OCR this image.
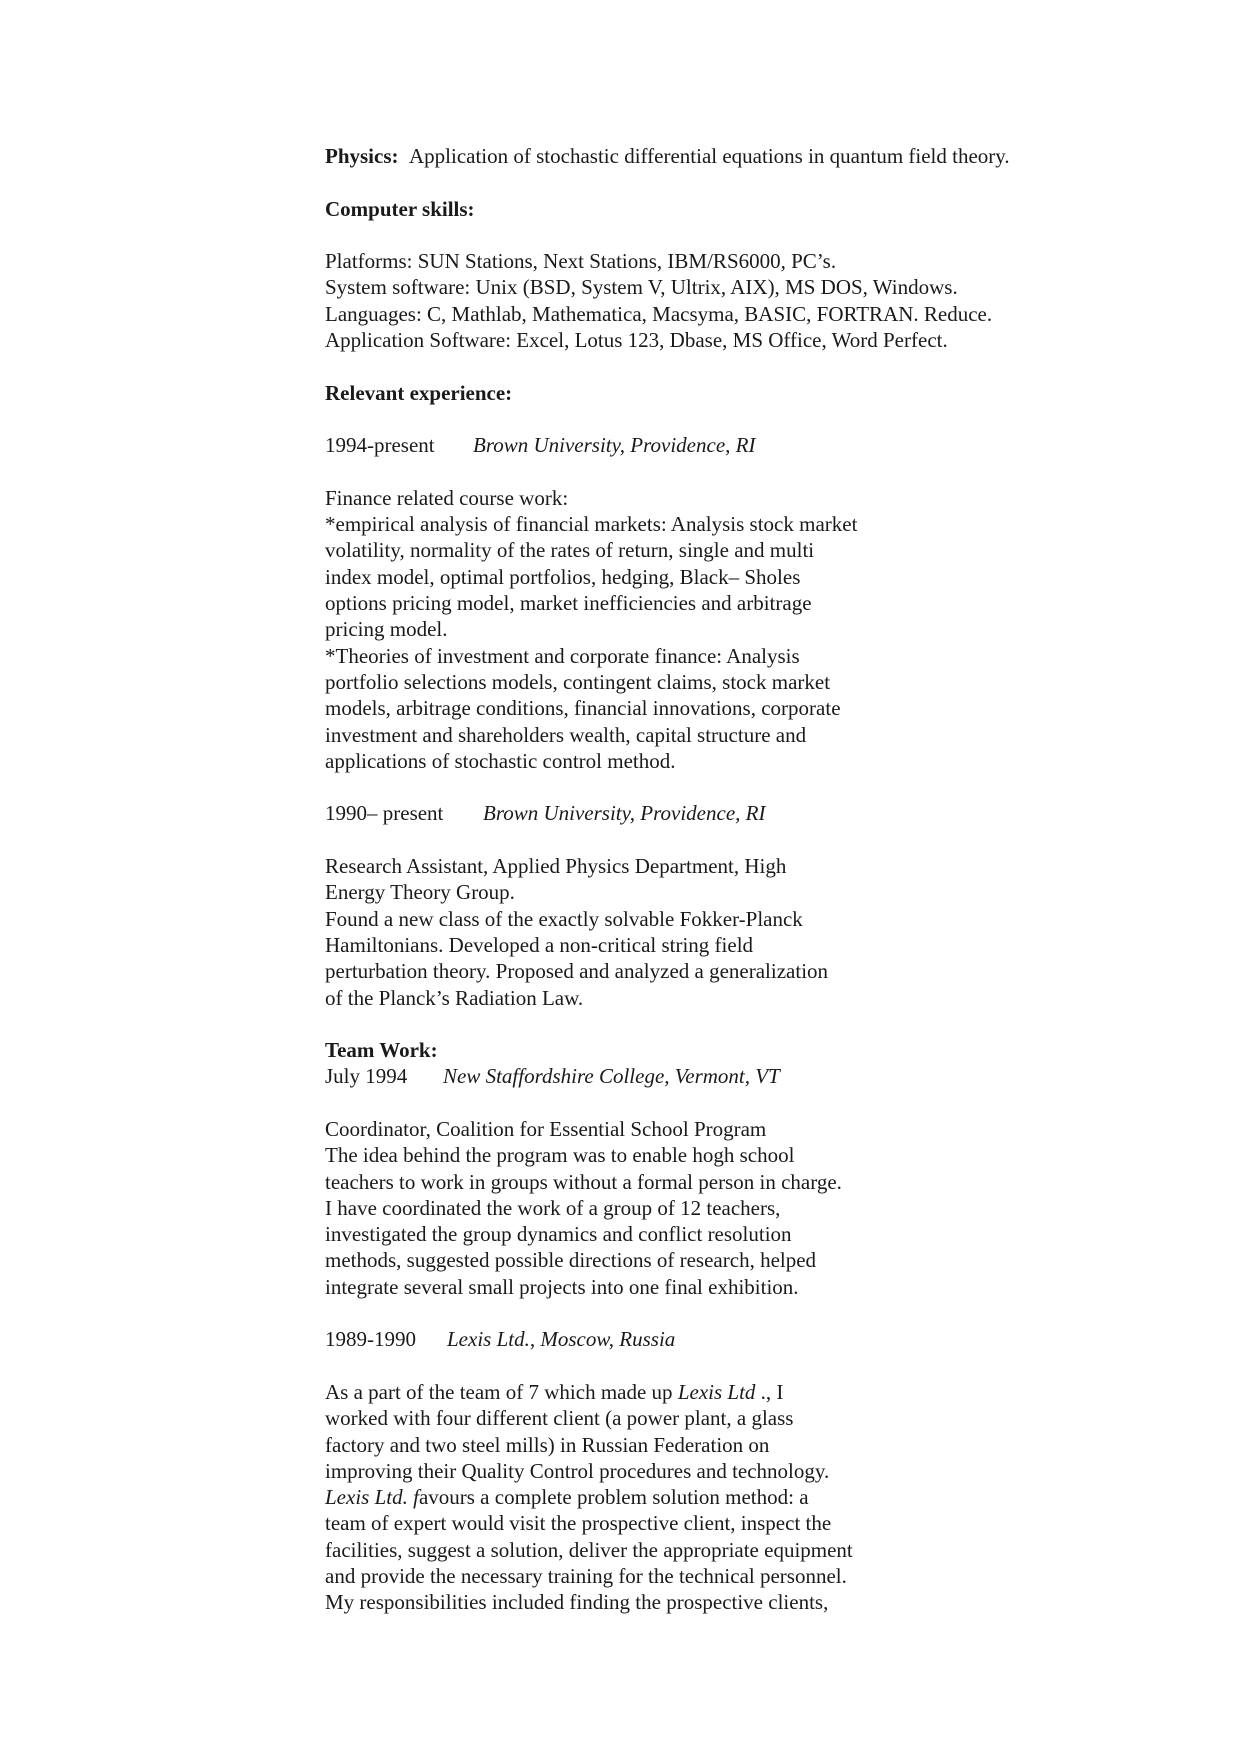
Physics: Application of stochastic differential equations in quantum field theory.
Computer skills:
Platforms: SUN Stations, Next Stations, IBM/RS6000, PC’s.
System software: Unix (BSD, System V, Ultrix, AIX), MS DOS, Windows.
Languages: C, Mathlab, Mathematica, Macsyma, BASIC, FORTRAN. Reduce.
Application Software: Excel, Lotus 123, Dbase, MS Office, Word Perfect.
Relevant experience:
1994-present Brown University, Providence, RI
Finance related course work:
*empirical analysis of financial markets: Analysis stock market
volatility, normality of the rates of return, single and multi
index model, optimal portfolios, hedging, Black– Sholes
options pricing model, market inefficiencies and arbitrage
pricing model.
*Theories of investment and corporate finance: Analysis
portfolio selections models, contingent claims, stock market
models, arbitrage conditions, financial innovations, corporate
investment and shareholders wealth, capital structure and
applications of stochastic control method.
1990– present Brown University, Providence, RI
Research Assistant, Applied Physics Department, High
Energy Theory Group.
Found a new class of the exactly solvable Fokker-Planck
Hamiltonians. Developed a non-critical string field
perturbation theory. Proposed and analyzed a generalization
of the Planck’s Radiation Law.
Team Work:
July 1994 New Staffordshire College, Vermont, VT
Coordinator, Coalition for Essential School Program
The idea behind the program was to enable hogh school
teachers to work in groups without a formal person in charge.
I have coordinated the work of a group of 12 teachers,
investigated the group dynamics and conflict resolution
methods, suggested possible directions of research, helped
integrate several small projects into one final exhibition.
1989-1990 Lexis Ltd., Moscow, Russia
As a part of the team of 7 which made up Lexis Ltd ., I
worked with four different client (a power plant, a glass
factory and two steel mills) in Russian Federation on
improving their Quality Control procedures and technology.
Lexis Ltd. favours a complete problem solution method: a
team of expert would visit the prospective client, inspect the
facilities, suggest a solution, deliver the appropriate equipment
and provide the necessary training for the technical personnel.
My responsibilities included finding the prospective clients,
